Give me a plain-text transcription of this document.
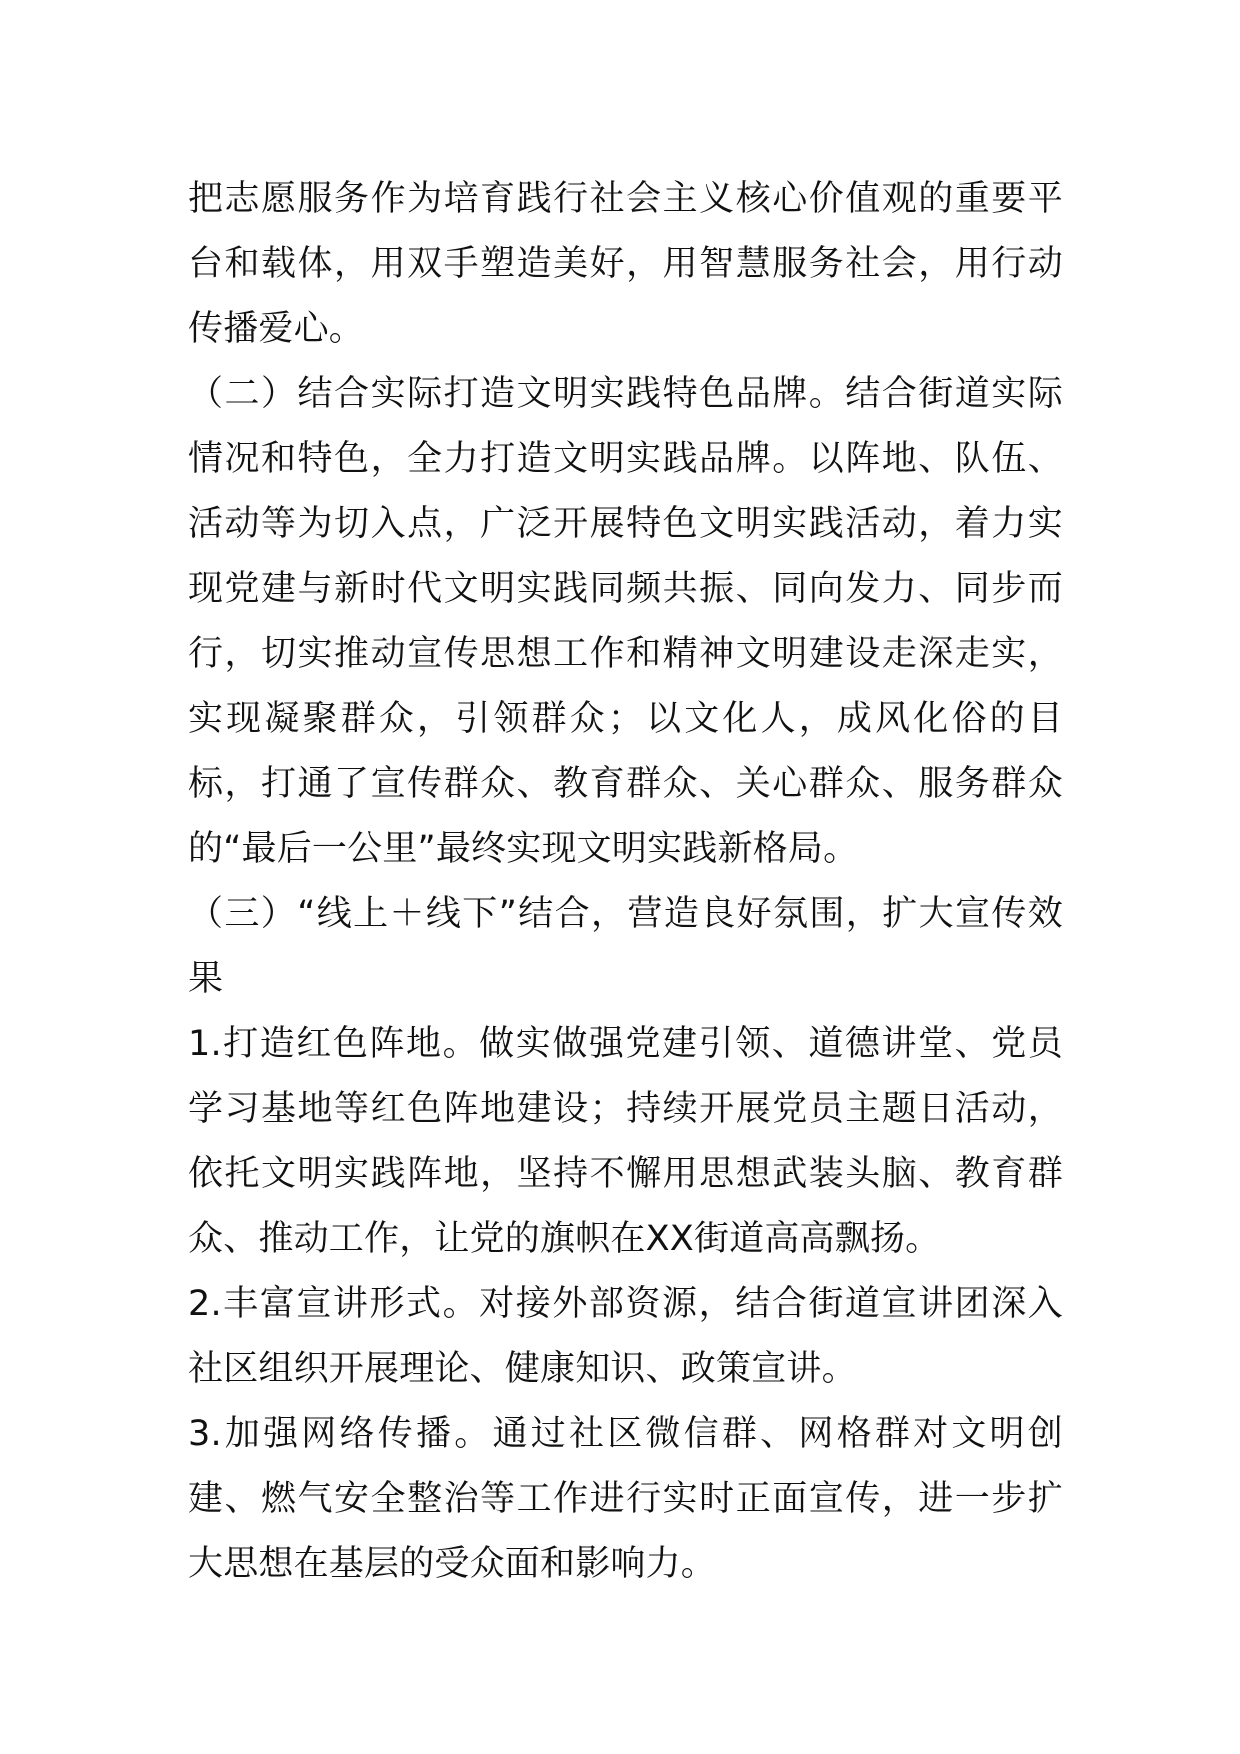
把志愿服务作为培育践行社会主义核心价值观的重要平台和载体，用双手塑造美好，用智慧服务社会，用行动传播爱心。

（二）结合实际打造文明实践特色品牌。结合街道实际情况和特色，全力打造文明实践品牌。以阵地、队伍、活动等为切入点，广泛开展特色文明实践活动，着力实现党建与新时代文明实践同频共振、同向发力、同步而行，切实推动宣传思想工作和精神文明建设走深走实，实现凝聚群众，引领群众；以文化人，成风化俗的目标，打通了宣传群众、教育群众、关心群众、服务群众的“最后一公里”最终实现文明实践新格局。

（三）“线上＋线下”结合，营造良好氛围，扩大宣传效果

1.打造红色阵地。做实做强党建引领、道德讲堂、党员学习基地等红色阵地建设；持续开展党员主题日活动，依托文明实践阵地，坚持不懈用思想武装头脑、教育群众、推动工作，让党的旗帜在XX街道高高飘扬。

2.丰富宣讲形式。对接外部资源，结合街道宣讲团深入社区组织开展理论、健康知识、政策宣讲。

3.加强网络传播。通过社区微信群、网格群对文明创建、燃气安全整治等工作进行实时正面宣传，进一步扩大思想在基层的受众面和影响力。
